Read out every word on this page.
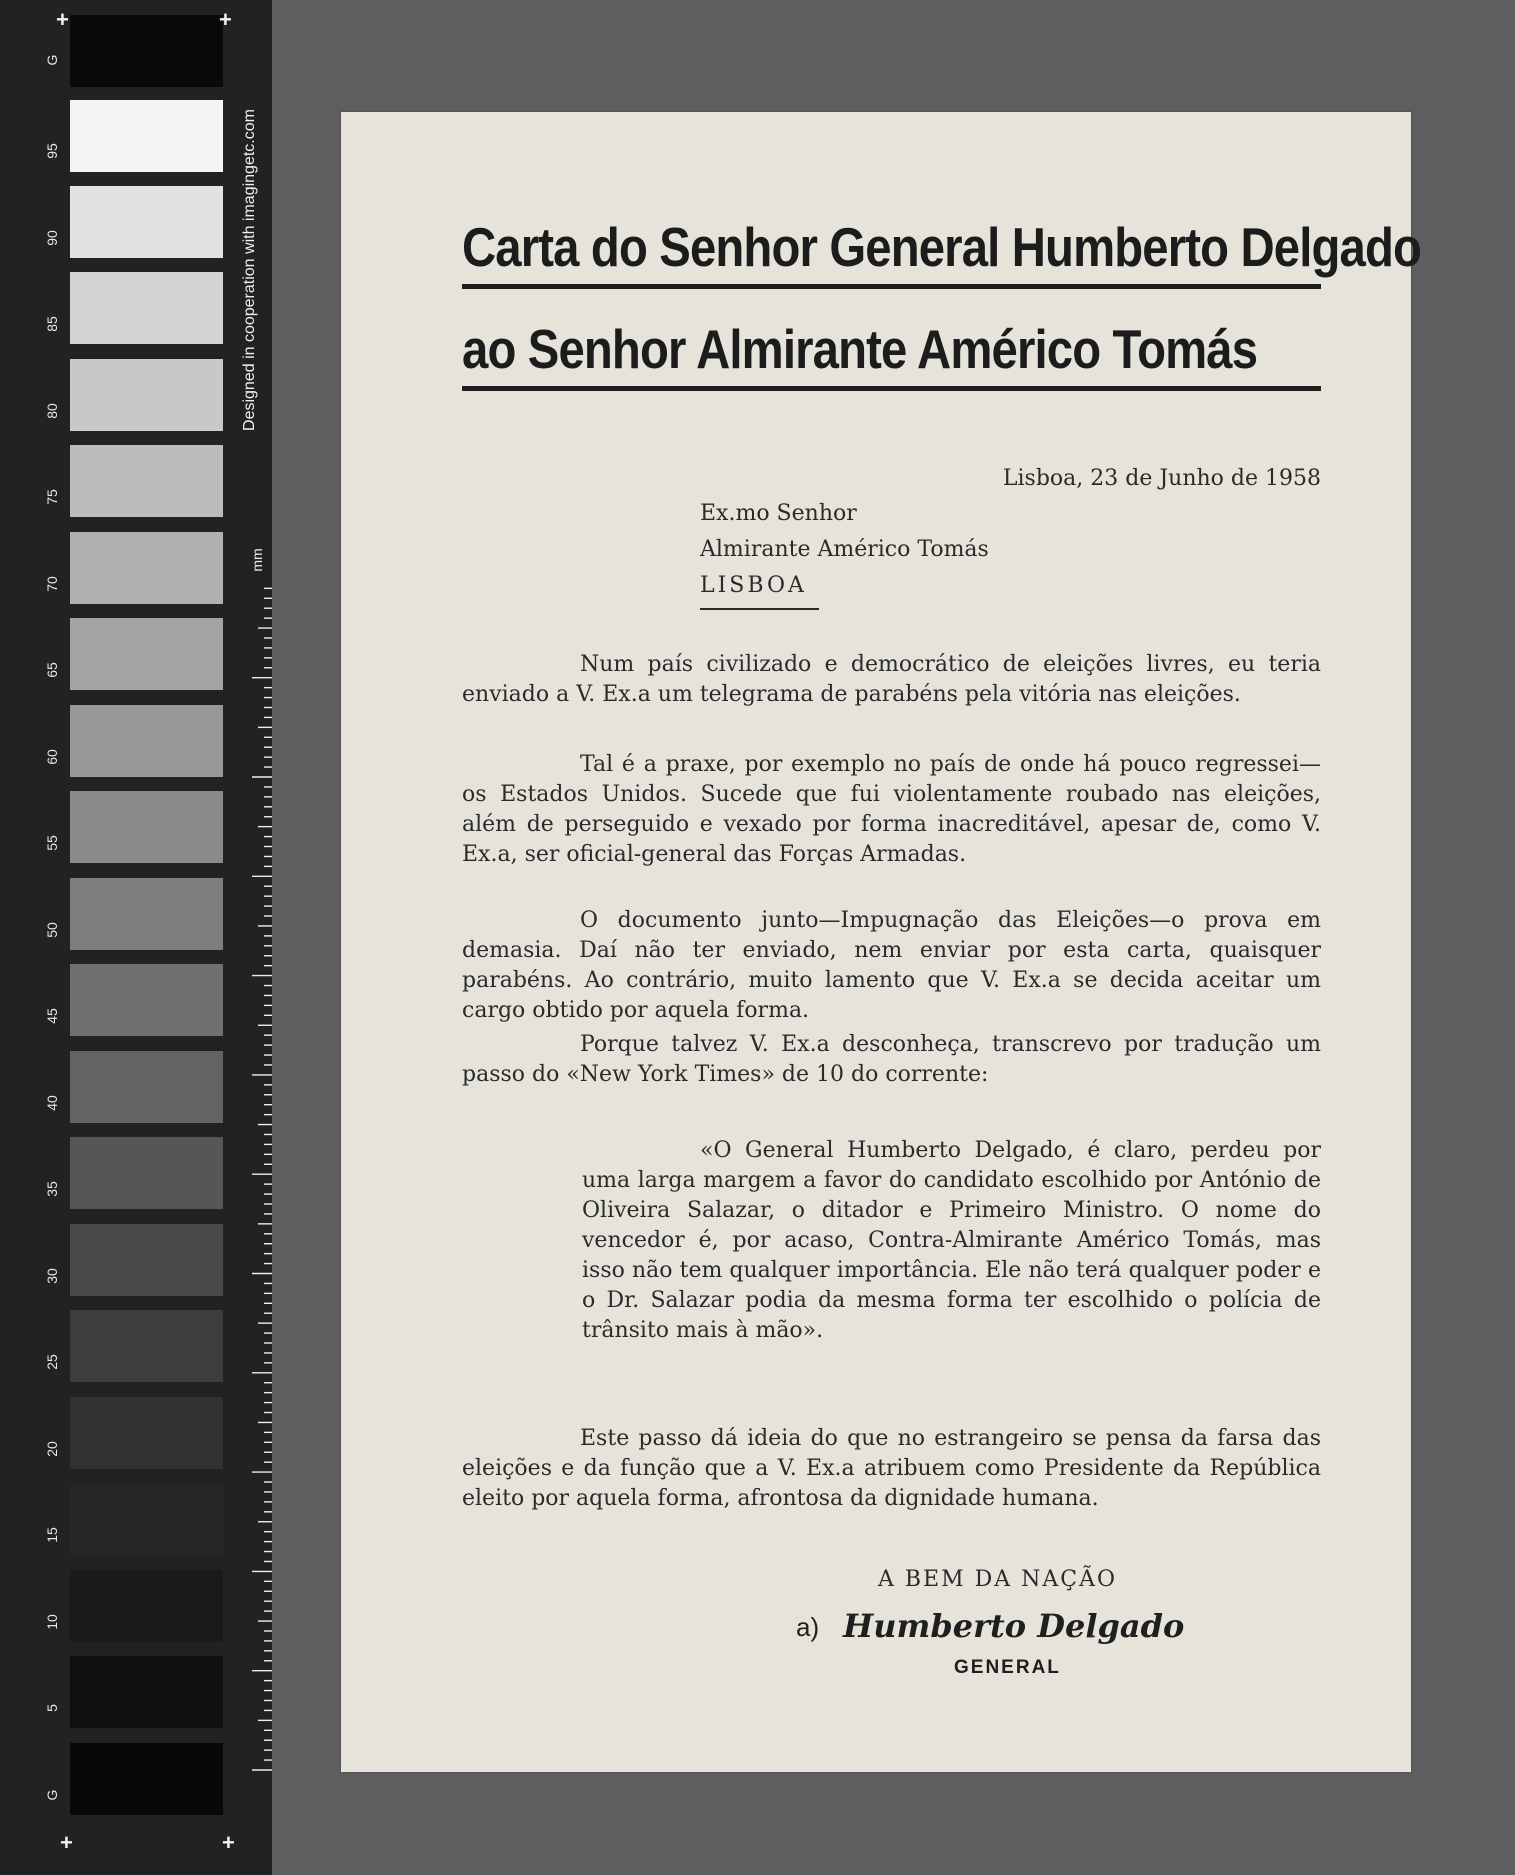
G
95
90
85
80
75
70
65
60
55
50
45
40
35
30
25
20
15
10
5
G
+	+
+	+
Designed in cooperation with imagingetc.com
mm
Carta do Senhor General Humberto Delgado
ao Senhor Almirante Américo Tomás
Lisboa, 23 de Junho de 1958
Ex.mo Senhor
Almirante Américo Tomás
LISBOA

Num país civilizado e democrático de eleições livres, eu teria enviado a V. Ex.a um telegrama de parabéns pela vitória nas eleições.

Tal é a praxe, por exemplo no país de onde há pouco regressei—os Estados Unidos. Sucede que fui violentamente roubado nas eleições, além de perseguido e vexado por forma inacreditável, apesar de, como V. Ex.a, ser oficial-general das Forças Armadas.

O documento junto—Impugnação das Eleições—o prova em demasia. Daí não ter enviado, nem enviar por esta carta, quaisquer parabéns. Ao contrário, muito lamento que V. Ex.a se decida aceitar um cargo obtido por aquela forma.

Porque talvez V. Ex.a desconheça, transcrevo por tradução um passo do «New York Times» de 10 do corrente:

«O General Humberto Delgado, é claro, perdeu por uma larga margem a favor do candidato escolhido por António de Oliveira Salazar, o ditador e Primeiro Ministro. O nome do vencedor é, por acaso, Contra-Almirante Américo Tomás, mas isso não tem qualquer importância. Ele não terá qualquer poder e o Dr. Salazar podia da mesma forma ter escolhido o polícia de trânsito mais à mão».

Este passo dá ideia do que no estrangeiro se pensa da farsa das eleições e da função que a V. Ex.a atribuem como Presidente da República eleito por aquela forma, afrontosa da dignidade humana.

A BEM DA NAÇÃO
a) Humberto Delgado
GENERAL
